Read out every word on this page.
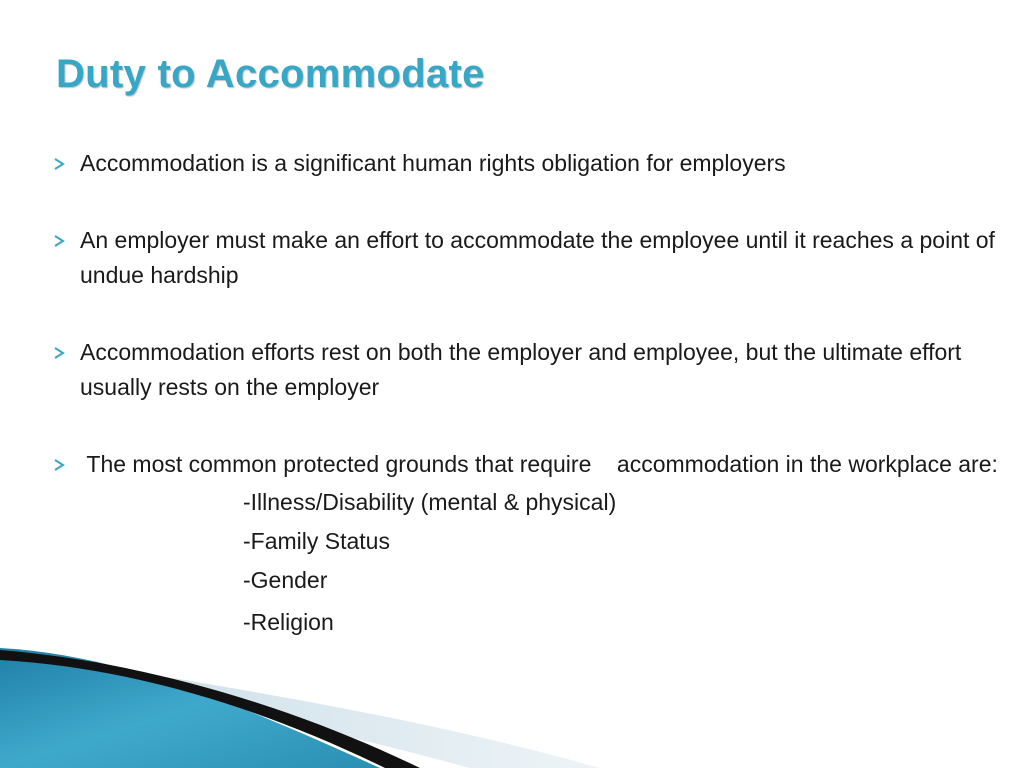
Duty to Accommodate
Accommodation is a significant human rights obligation for employers
An employer must make an effort to accommodate the employee until it reaches a point of undue hardship
Accommodation efforts rest on both the employer and employee, but the ultimate effort usually rests on the employer
The most common protected grounds that require    accommodation in the workplace are:
-Illness/Disability (mental & physical)
-Family Status
-Gender
-Religion
